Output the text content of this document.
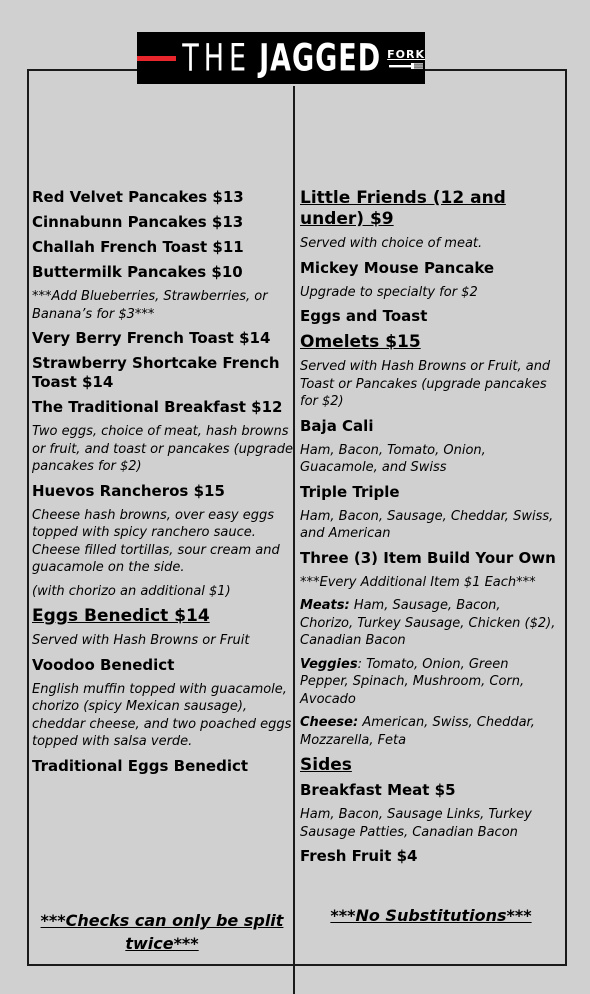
THE JAGGED FORK
Red Velvet Pancakes $13
Cinnabunn Pancakes $13
Challah French Toast $11
Buttermilk Pancakes $10
***Add Blueberries, Strawberries, or Banana’s for $3***
Very Berry French Toast $14
Strawberry Shortcake French Toast $14
The Traditional Breakfast $12
Two eggs, choice of meat, hash browns or fruit, and toast or pancakes (upgrade pancakes for $2)
Huevos Rancheros $15
Cheese hash browns, over easy eggs topped with spicy ranchero sauce. Cheese filled tortillas, sour cream and guacamole on the side.
(with chorizo an additional $1)
Eggs Benedict $14
Served with Hash Browns or Fruit
Voodoo Benedict
English muffin topped with guacamole, chorizo (spicy Mexican sausage), cheddar cheese, and two poached eggs topped with salsa verde.
Traditional Eggs Benedict
Little Friends (12 and under) $9
Served with choice of meat.
Mickey Mouse Pancake
Upgrade to specialty for $2
Eggs and Toast
Omelets $15
Served with Hash Browns or Fruit, and Toast or Pancakes (upgrade pancakes for $2)
Baja Cali
Ham, Bacon, Tomato, Onion, Guacamole, and Swiss
Triple Triple
Ham, Bacon, Sausage, Cheddar, Swiss, and American
Three (3) Item Build Your Own
***Every Additional Item $1 Each***
Meats: Ham, Sausage, Bacon, Chorizo, Turkey Sausage, Chicken ($2), Canadian Bacon
Veggies: Tomato, Onion, Green Pepper, Spinach, Mushroom, Corn, Avocado
Cheese: American, Swiss, Cheddar, Mozzarella, Feta
Sides
Breakfast Meat $5
Ham, Bacon, Sausage Links, Turkey Sausage Patties, Canadian Bacon
Fresh Fruit $4
***Checks can only be split twice***
***No Substitutions***
